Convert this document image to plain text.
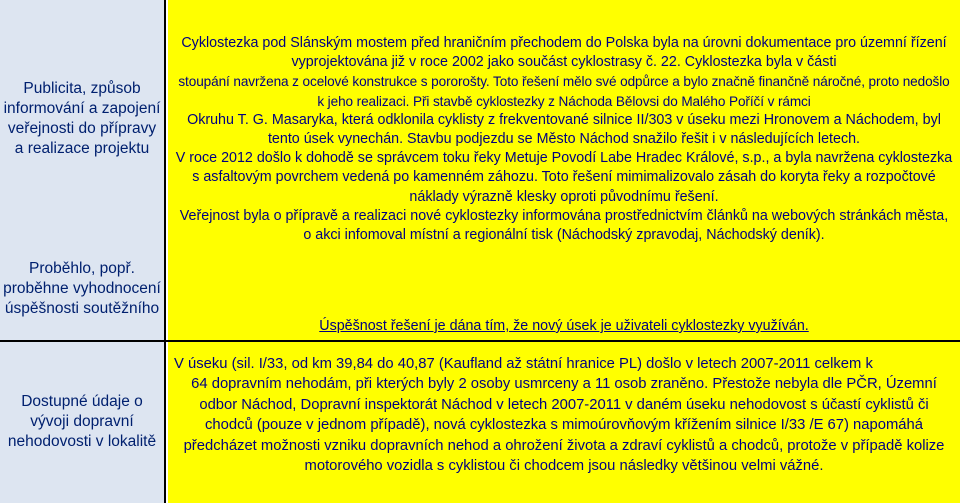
Publicita, způsob informování a zapojení veřejnosti do přípravy a realizace projektu
Proběhlo, popř. proběhne vyhodnocení úspěšnosti soutěžního

Cyklostezka pod Slánským mostem před hraničním přechodem do Polska byla na úrovni dokumentace pro územní řízení vyprojektována již v roce 2002 jako součást cyklostrasy č. 22. Cyklostezka byla v části

stoupání navržena z ocelové konstrukce s pororošty. Toto řešení mělo své odpůrce a bylo značně finančně náročné, proto nedošlo k jeho realizaci. Při stavbě cyklostezky z Náchoda Bělovsi do Malého Poříčí v rámci

Okruhu T. G. Masaryka, která odklonila cyklisty z frekventované silnice II/303 v úseku mezi Hronovem a Náchodem, byl tento úsek vynechán. Stavbu podjezdu se Město Náchod snažilo řešit i v následujících letech.

V roce 2012 došlo k dohodě se správcem toku řeky Metuje Povodí Labe Hradec Králové, s.p., a byla navržena cyklostezka s asfaltovým povrchem vedená po kamenném záhozu. Toto řešení mimimalizovalo zásah do koryta řeky a rozpočtové náklady výrazně klesky oproti původnímu řešení.

Veřejnost byla o přípravě a realizaci nové cyklostezky informována prostřednictvím článků na webových stránkách města, o akci infomoval místní a regionální tisk (Náchodský zpravodaj, Náchodský deník).

Úspěšnost řešení je dána tím, že nový úsek je uživateli cyklostezky využíván.

Dostupné údaje o vývoji dopravní nehodovosti v lokalitě

V úseku (sil. I/33, od km 39,84 do 40,87 (Kaufland až státní hranice PL) došlo v letech 2007-2011 celkem k

64 dopravním nehodám, při kterých byly 2 osoby usmrceny a 11 osob zraněno. Přestože nebyla dle PČR, Územní odbor Náchod, Dopravní inspektorát Náchod v letech 2007-2011 v daném úseku nehodovost s účastí cyklistů či chodců (pouze v jednom případě), nová cyklostezka s mimoúrovňovým křížením silnice I/33 /E 67) napomáhá předcházet možnosti vzniku dopravních nehod a ohrožení života a zdraví cyklistů a chodců, protože v případě kolize motorového vozidla s cyklistou či chodcem jsou následky většinou velmi vážné.
